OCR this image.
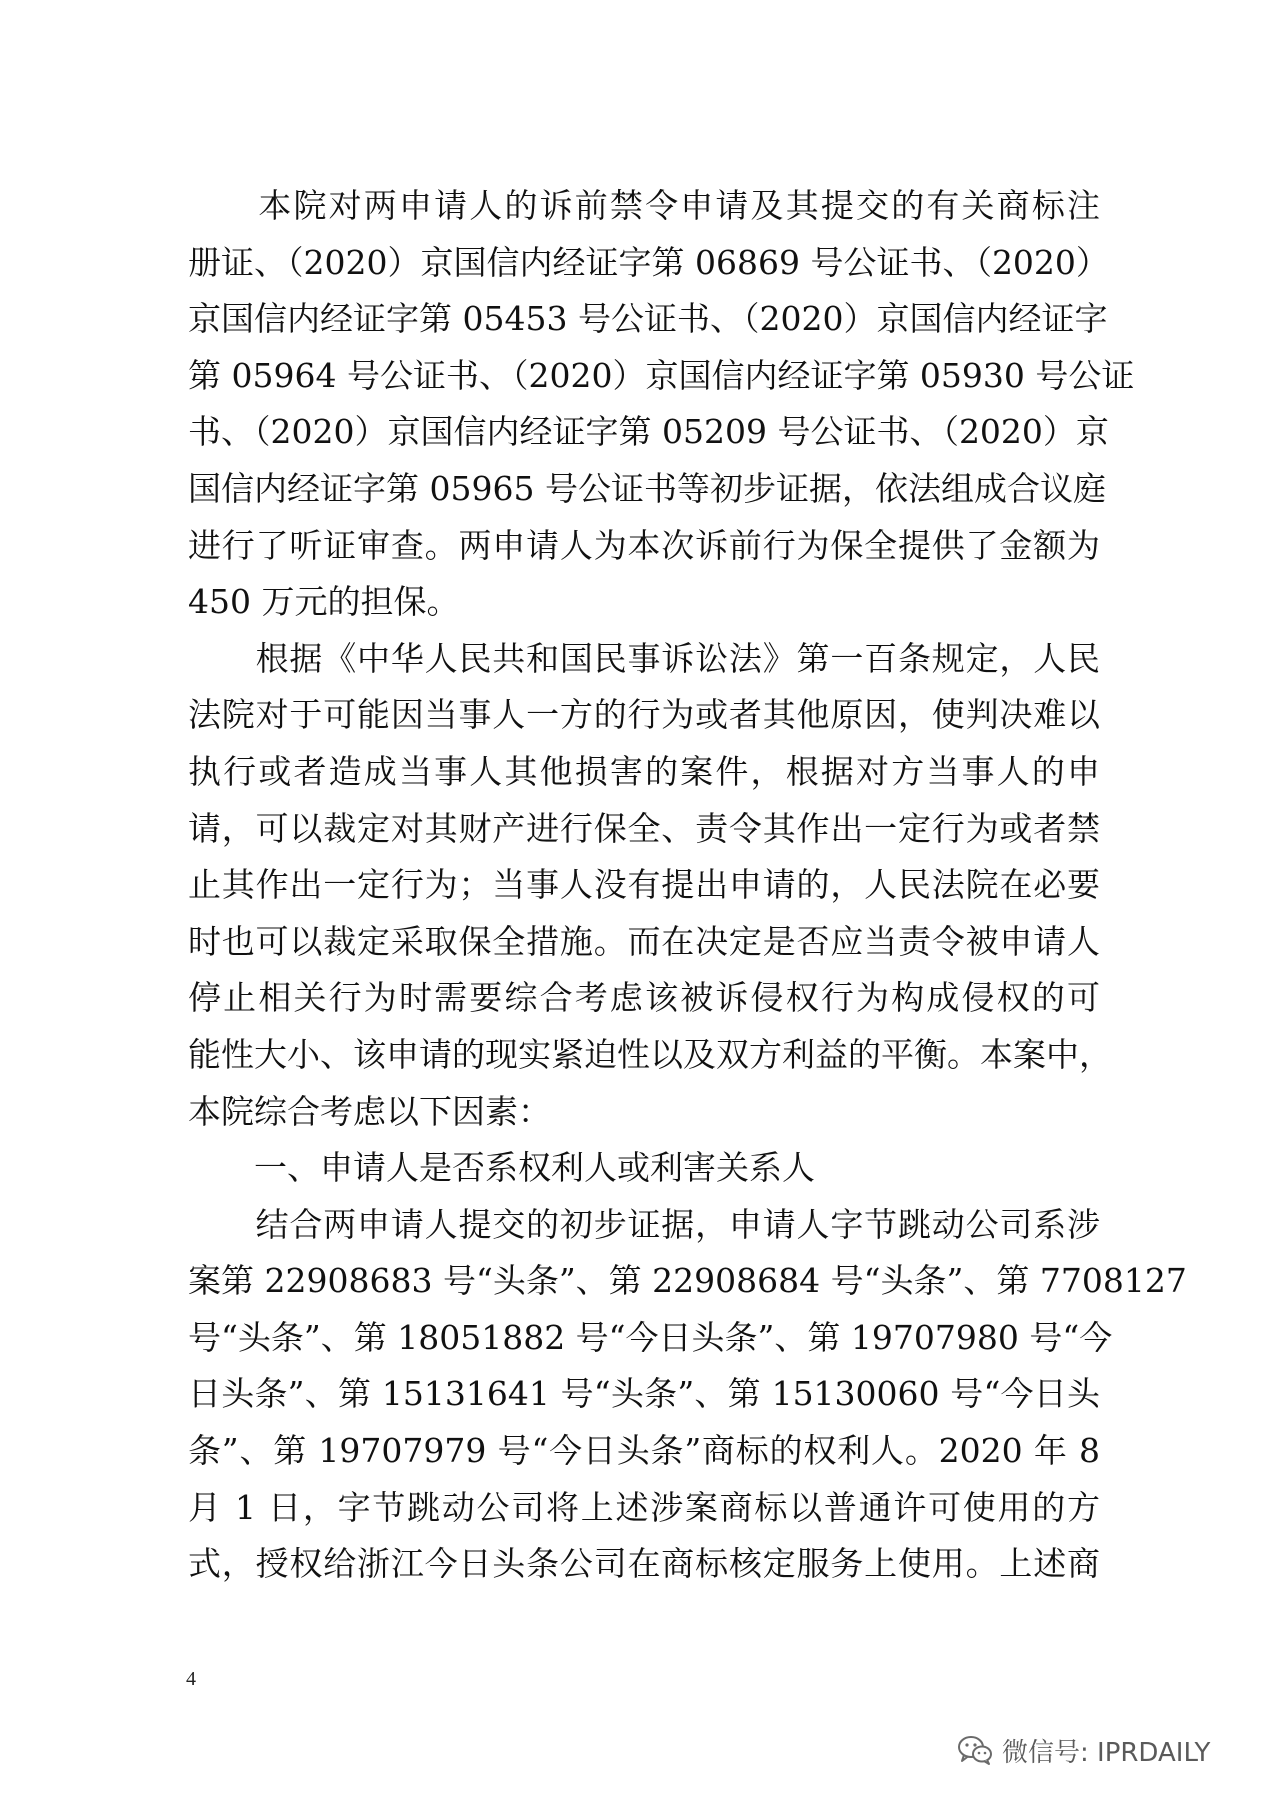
　　本院对两申请人的诉前禁令申请及其提交的有关商标注
册证、（2020）京国信内经证字第 06869 号公证书、（2020）
京国信内经证字第 05453 号公证书、（2020）京国信内经证字
第 05964 号公证书、（2020）京国信内经证字第 05930 号公证
书、（2020）京国信内经证字第 05209 号公证书、（2020）京
国信内经证字第 05965 号公证书等初步证据，依法组成合议庭
进行了听证审查。两申请人为本次诉前行为保全提供了金额为
450 万元的担保。
　　根据《中华人民共和国民事诉讼法》第一百条规定，人民
法院对于可能因当事人一方的行为或者其他原因，使判决难以
执行或者造成当事人其他损害的案件，根据对方当事人的申
请，可以裁定对其财产进行保全、责令其作出一定行为或者禁
止其作出一定行为；当事人没有提出申请的，人民法院在必要
时也可以裁定采取保全措施。而在决定是否应当责令被申请人
停止相关行为时需要综合考虑该被诉侵权行为构成侵权的可
能性大小、该申请的现实紧迫性以及双方利益的平衡。本案中，
本院综合考虑以下因素：
　　一、申请人是否系权利人或利害关系人
　　结合两申请人提交的初步证据，申请人字节跳动公司系涉
案第 22908683 号“头条”、第 22908684 号“头条”、第 7708127
号“头条”、第 18051882 号“今日头条”、第 19707980 号“今
日头条”、第 15131641 号“头条”、第 15130060 号“今日头
条”、第 19707979 号“今日头条”商标的权利人。2020 年 8
月 1 日，字节跳动公司将上述涉案商标以普通许可使用的方
式，授权给浙江今日头条公司在商标核定服务上使用。上述商
4
微信号: IPRDAILY
